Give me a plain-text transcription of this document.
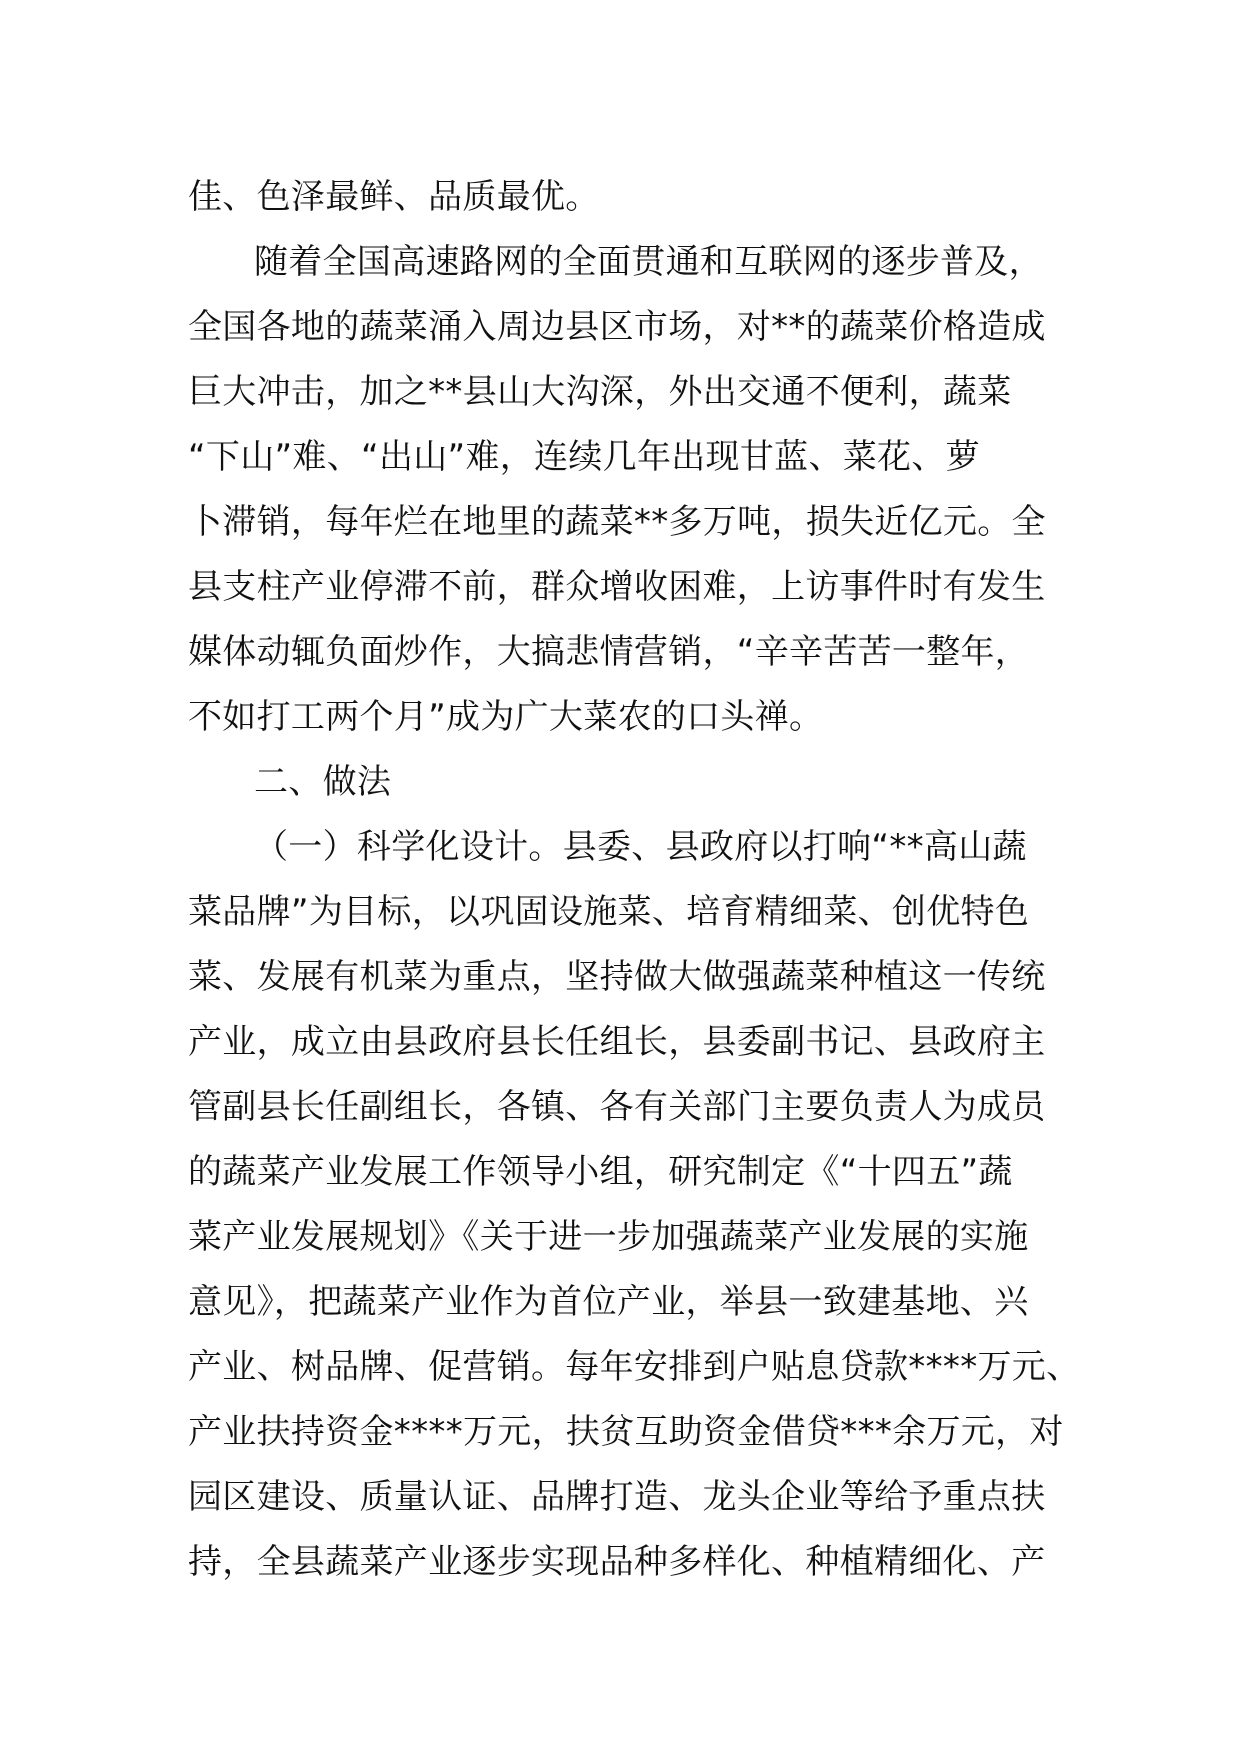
佳、色泽最鲜、品质最优。
随着全国高速路网的全面贯通和互联网的逐步普及，
全国各地的蔬菜涌入周边县区市场，对**的蔬菜价格造成
巨大冲击，加之**县山大沟深，外出交通不便利，蔬菜
“下山”难、“出山”难，连续几年出现甘蓝、菜花、萝
卜滞销，每年烂在地里的蔬菜**多万吨，损失近亿元。全
县支柱产业停滞不前，群众增收困难，上访事件时有发生
媒体动辄负面炒作，大搞悲情营销，“辛辛苦苦一整年，
不如打工两个月”成为广大菜农的口头禅。
二、做法
（一）科学化设计。县委、县政府以打响“**高山蔬
菜品牌”为目标，以巩固设施菜、培育精细菜、创优特色
菜、发展有机菜为重点，坚持做大做强蔬菜种植这一传统
产业，成立由县政府县长任组长，县委副书记、县政府主
管副县长任副组长，各镇、各有关部门主要负责人为成员
的蔬菜产业发展工作领导小组，研究制定《“十四五”蔬
菜产业发展规划》《关于进一步加强蔬菜产业发展的实施
意见》，把蔬菜产业作为首位产业，举县一致建基地、兴
产业、树品牌、促营销。每年安排到户贴息贷款****万元、
产业扶持资金****万元，扶贫互助资金借贷***余万元，对
园区建设、质量认证、品牌打造、龙头企业等给予重点扶
持，全县蔬菜产业逐步实现品种多样化、种植精细化、产
